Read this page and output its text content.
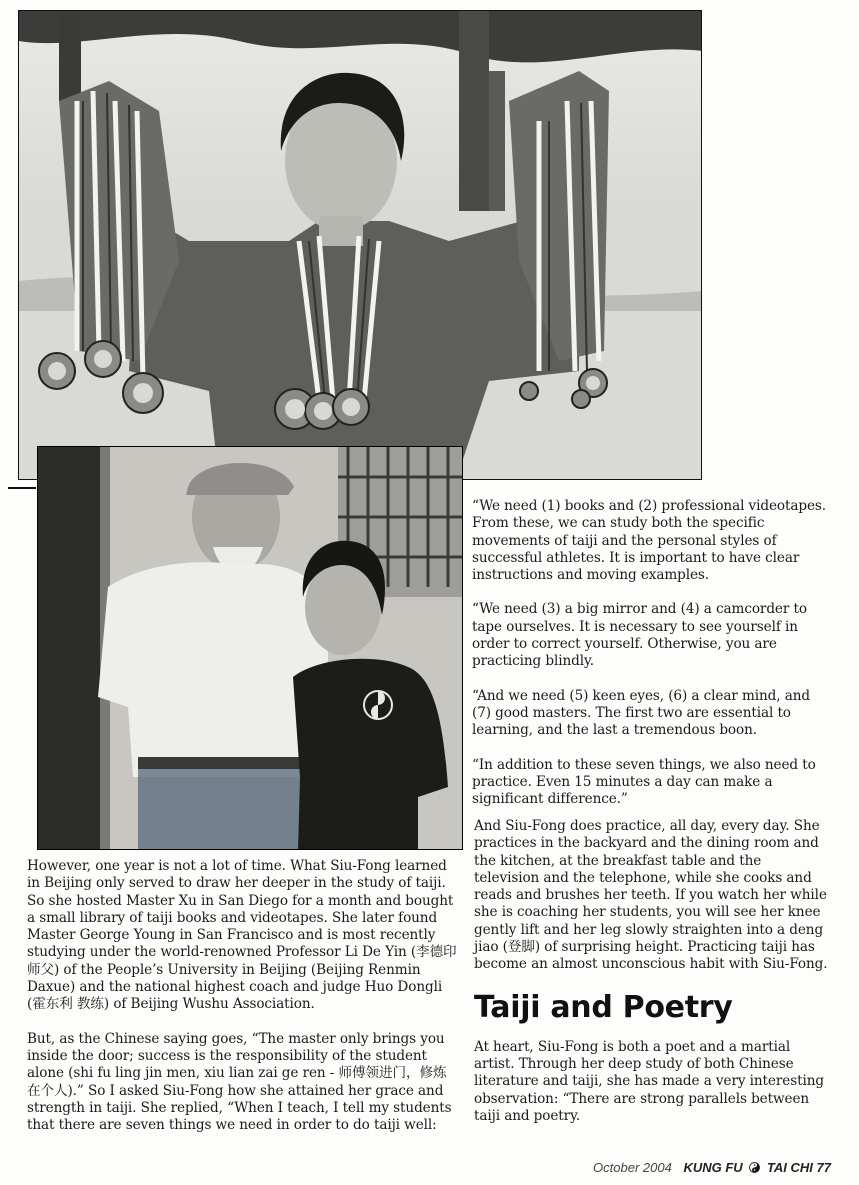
“We need (1) books and (2) professional videotapes. From these, we can study both the specific movements of taiji and the personal styles of successful athletes. It is important to have clear instructions and moving examples.

“We need (3) a big mirror and (4) a camcorder to tape ourselves. It is necessary to see yourself in order to correct yourself. Otherwise, you are practicing blindly.

“And we need (5) keen eyes, (6) a clear mind, and (7) good masters. The first two are essential to learning, and the last a tremendous boon.

“In addition to these seven things, we also need to practice. Even 15 minutes a day can make a significant difference.”

However, one year is not a lot of time. What Siu-Fong learned in Beijing only served to draw her deeper in the study of taiji. So she hosted Master Xu in San Diego for a month and bought a small library of taiji books and videotapes. She later found Master George Young in San Francisco and is most recently studying under the world-renowned Professor Li De Yin (李德印师父) of the People’s University in Beijing (Beijing Renmin Daxue) and the national highest coach and judge Huo Dongli (霍东利 教练) of Beijing Wushu Association.

But, as the Chinese saying goes, “The master only brings you inside the door; success is the responsibility of the student alone (shi fu ling jin men, xiu lian zai ge ren - 师傅领进门，修炼在个人).” So I asked Siu-Fong how she attained her grace and strength in taiji. She replied, “When I teach, I tell my students that there are seven things we need in order to do taiji well:

And Siu-Fong does practice, all day, every day. She practices in the backyard and the dining room and the kitchen, at the breakfast table and the television and the telephone, while she cooks and reads and brushes her teeth. If you watch her while she is coaching her students, you will see her knee gently lift and her leg slowly straighten into a deng jiao (登脚) of surprising height. Practicing taiji has become an almost unconscious habit with Siu-Fong.

Taiji and Poetry

At heart, Siu-Fong is both a poet and a martial artist. Through her deep study of both Chinese literature and taiji, she has made a very interesting observation: “There are strong parallels between taiji and poetry.

October 2004 KUNG FU TAI CHI 77
